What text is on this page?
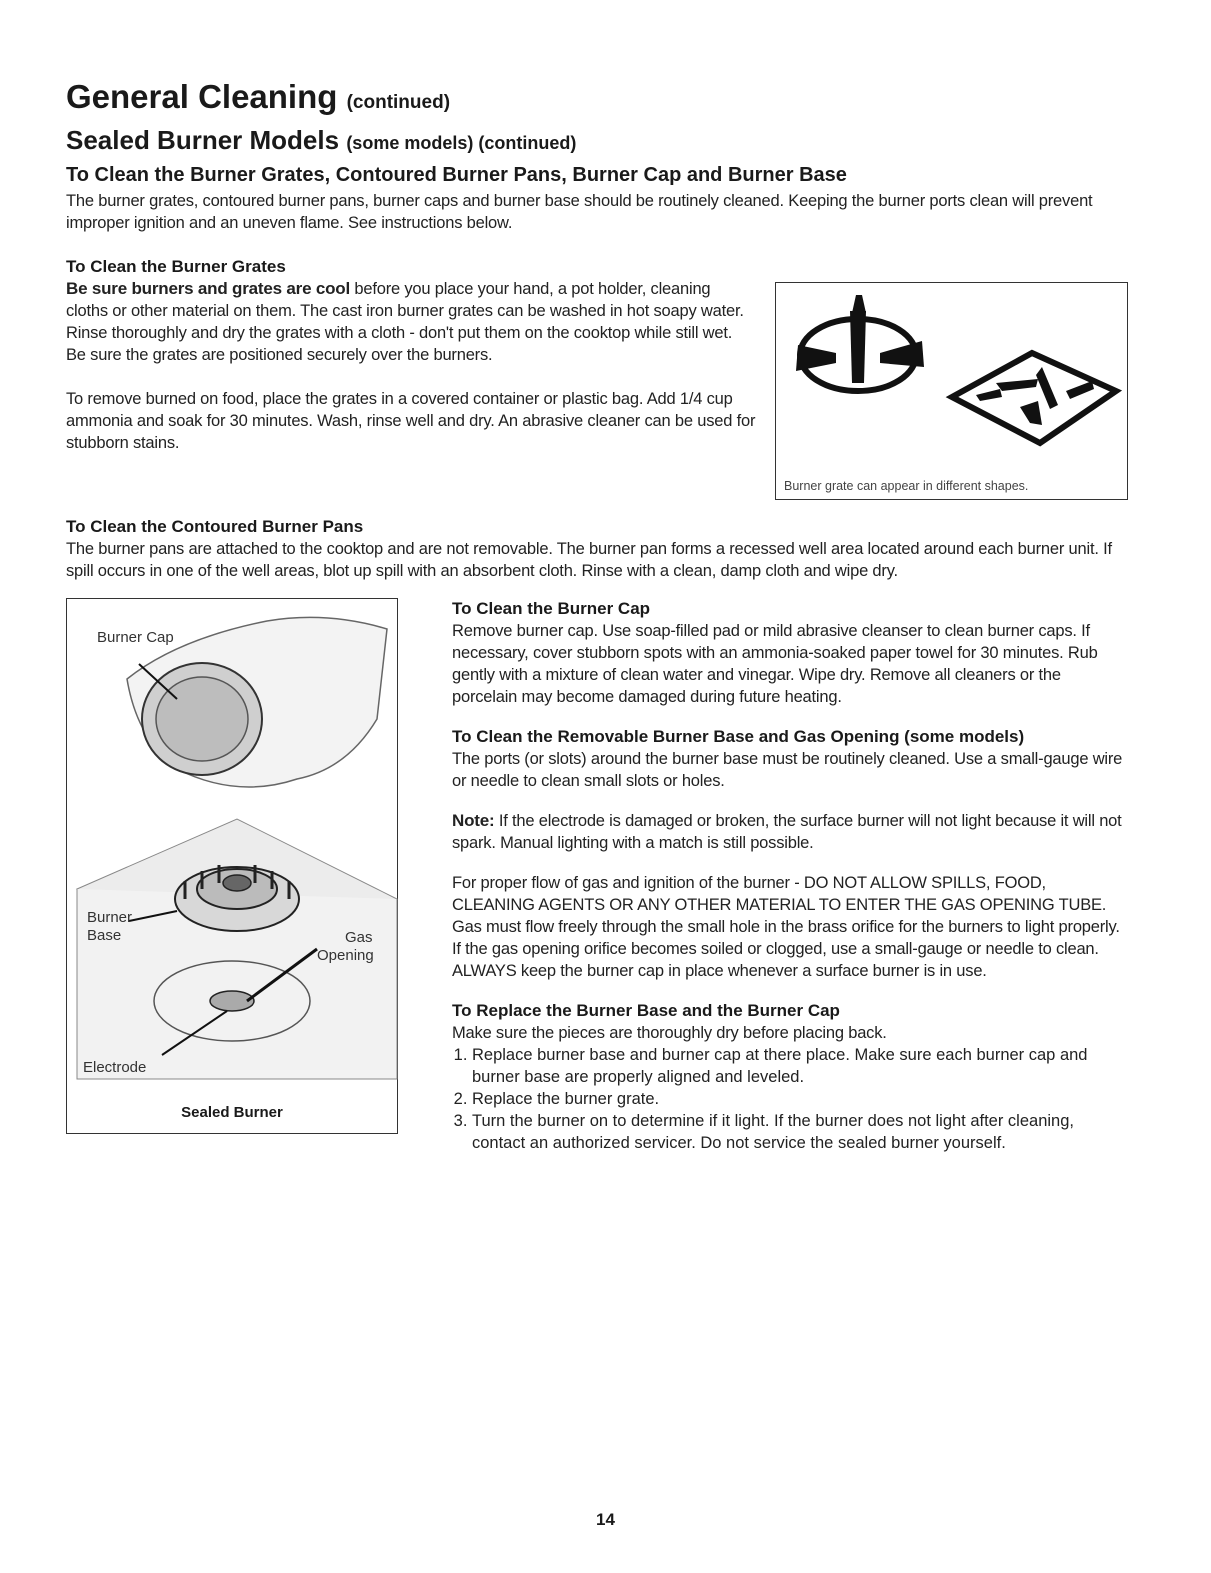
General Cleaning (continued)
Sealed Burner Models (some models) (continued)
To Clean the Burner Grates, Contoured Burner Pans, Burner Cap and Burner Base

The burner grates, contoured burner pans, burner caps and burner base should be routinely cleaned. Keeping the burner ports clean will prevent improper ignition and an uneven flame. See instructions below.

To Clean the Burner Grates

Be sure burners and grates are cool before you place your hand, a pot holder, cleaning cloths or other material on them. The cast iron burner grates can be washed in hot soapy water. Rinse thoroughly and dry the grates with a cloth - don't put them on the cooktop while still wet. Be sure the grates are positioned securely over the burners.

To remove burned on food, place the grates in a covered container or plastic bag. Add 1/4 cup ammonia and soak for 30 minutes. Wash, rinse well and dry. An abrasive cleaner can be used for stubborn stains.

Burner grate can appear in different shapes.
To Clean the Contoured Burner Pans

The burner pans are attached to the cooktop and are not removable. The burner pan forms a recessed well area located around each burner unit. If spill occurs in one of the well areas, blot up spill with an absorbent cloth. Rinse with a clean, damp cloth and wipe dry.

Burner Cap
Burner
Base	Gas
Opening
Electrode
Sealed Burner
To Clean the Burner Cap

Remove burner cap. Use soap-filled pad or mild abrasive cleanser to clean burner caps. If necessary, cover stubborn spots with an ammonia-soaked paper towel for 30 minutes. Rub gently with a mixture of clean water and vinegar. Wipe dry. Remove all cleaners or the porcelain may become damaged during future heating.

To Clean the Removable Burner Base and Gas Opening (some models)

The ports (or slots) around the burner base must be routinely cleaned. Use a small-gauge wire or needle to clean small slots or holes.

Note: If the electrode is damaged or broken, the surface burner will not light because it will not spark. Manual lighting with a match is still possible.

For proper flow of gas and ignition of the burner - DO NOT ALLOW SPILLS, FOOD, CLEANING AGENTS OR ANY OTHER MATERIAL TO ENTER THE GAS OPENING TUBE. Gas must flow freely through the small hole in the brass orifice for the burners to light properly. If the gas opening orifice becomes soiled or clogged, use a small-gauge or needle to clean. ALWAYS keep the burner cap in place whenever a surface burner is in use.

To Replace the Burner Base and the Burner Cap

Make sure the pieces are thoroughly dry before placing back.

1. Replace burner base and burner cap at there place. Make sure each burner cap and burner base are properly aligned and leveled.
2. Replace the burner grate.
3. Turn the burner on to determine if it light. If the burner does not light after cleaning, contact an authorized servicer. Do not service the sealed burner yourself.
14
